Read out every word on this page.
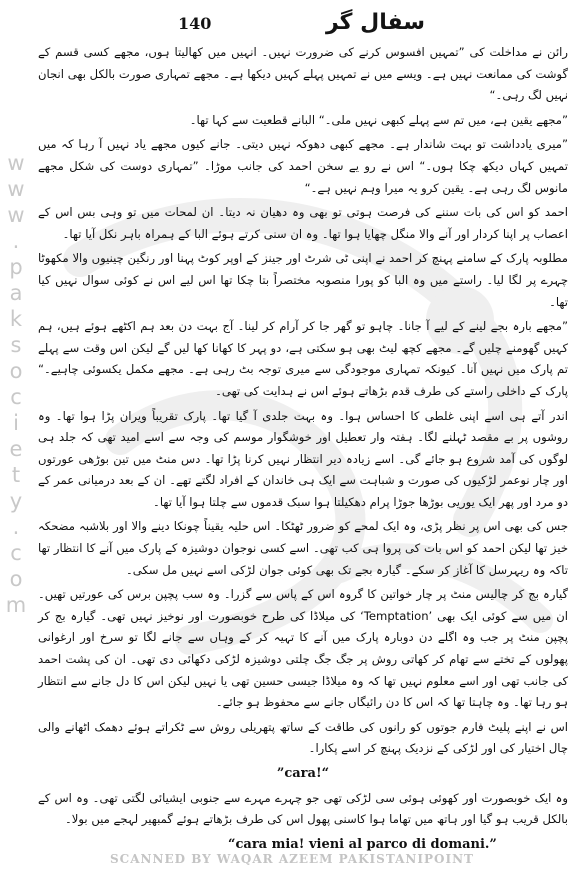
140	سفال گر
w
w
w
.
p
a
k
s
o
c
i
e
t
y
.
c
o
m

رائن نے مداخلت کی ”تمہیں افسوس کرنے کی ضرورت نہیں۔ انہیں میں کھالیتا ہوں، مجھے کسی قسم کے گوشت کی ممانعت نہیں ہے۔ ویسے میں نے تمہیں پہلے کہیں دیکھا ہے۔ مجھے تمہاری صورت بالکل بھی انجان نہیں لگ رہی۔“

”مجھے یقین ہے، میں تم سے پہلے کبھی نہیں ملی۔“ البانے قطعیت سے کہا تھا۔

”میری یادداشت تو بہت شاندار ہے۔ مجھے کبھی دھوکہ نہیں دیتی۔ جانے کیوں مجھے یاد نہیں آ رہا کہ میں تمہیں کہاں دیکھ چکا ہوں۔“ اس نے رو یے سخن احمد کی جانب موڑا۔ ”تمہاری دوست کی شکل مجھے مانوس لگ رہی ہے۔ یقین کرو یہ میرا وہم نہیں ہے۔“

احمد کو اس کی بات سننے کی فرصت ہوتی تو بھی وہ دھیان نہ دیتا۔ ان لمحات میں تو وہی بس اس کے اعصاب پر اپنا کردار اور آنے والا منگل چھایا ہوا تھا۔ وہ ان سنی کرتے ہوئے البا کے ہمراہ باہر نکل آیا تھا۔

مطلوبہ پارک کے سامنے پہنچ کر احمد نے اپنی ٹی شرٹ اور جینز کے اوپر کوٹ پہنا اور رنگین چینیوں والا مکھوٹا چہرے پر لگا لیا۔ راستے میں وہ البا کو پورا منصوبہ مختصراً بتا چکا تھا اس لیے اس نے کوئی سوال نہیں کیا تھا۔

”مجھے بارہ بجے لینے کے لیے آ جانا۔ چاہو تو گھر جا کر آرام کر لینا۔ آج بہت دن بعد ہم اکٹھے ہوئے ہیں، ہم کہیں گھومنے چلیں گے۔ مجھے کچھ لیٹ بھی ہو سکتی ہے، دو پہر کا کھانا کھا لیں گے لیکن اس وقت سے پہلے تم پارک میں نہیں آنا۔ کیونکہ تمہاری موجودگی سے میری توجہ بٹ رہی ہے۔ مجھے مکمل یکسوئی چاہیے۔“ پارک کے داخلی راستے کی طرف قدم بڑھاتے ہوئے اس نے ہدایت کی تھی۔

اندر آتے ہی اسے اپنی غلطی کا احساس ہوا۔ وہ بہت جلدی آ گیا تھا۔ پارک تقریباً ویران پڑا ہوا تھا۔ وہ روشوں پر بے مقصد ٹہلنے لگا۔ ہفتہ وار تعطیل اور خوشگوار موسم کی وجہ سے اسے امید تھی کہ جلد ہی لوگوں کی آمد شروع ہو جائے گی۔ اسے زیادہ دیر انتظار نہیں کرنا پڑا تھا۔ دس منٹ میں تین بوڑھی عورتوں اور چار نوعمر لڑکیوں کی صورت و شباہت سے ایک ہی خاندان کے افراد لگتے تھے۔ ان کے بعد درمیانی عمر کے دو مرد اور پھر ایک یوریی بوڑھا جوڑا پرام دھکیلتا ہوا سبک قدموں سے چلتا ہوا آیا تھا۔

جس کی بھی اس پر نظر پڑی، وہ ایک لمحے کو ضرور ٹھٹکا۔ اس حلیہ یقیناً چونکا دینے والا اور بلاشبہ مضحکہ خیز تھا لیکن احمد کو اس بات کی پروا ہی کب تھی۔ اسے کسی نوجوان دوشیزہ کے پارک میں آنے کا انتظار تھا تاکہ وہ ریہرسل کا آغاز کر سکے۔ گیارہ بجے تک بھی کوئی جوان لڑکی اسے نہیں مل سکی۔

گیارہ بج کر چالیس منٹ پر چار خواتین کا گروہ اس کے پاس سے گزرا۔ وہ سب پچپن برس کی عورتیں تھیں۔ ان میں سے کوئی ایک بھی ’Temptation‘ کی میلاڈا کی طرح خوبصورت اور نوخیز نہیں تھی۔ گیارہ بج کر پچپن منٹ پر جب وہ اگلے دن دوبارہ پارک میں آنے کا تہیہ کر کے وہاں سے جانے لگا تو سرخ اور ارغوانی پھولوں کے تختے سے تھام کر کھاتی روش پر جگ جگ چلتی دوشیزہ لڑکی دکھائی دی تھی۔ ان کی پشت احمد کی جانب تھی اور اسے معلوم نہیں تھا کہ وہ میلاڈا جیسی حسین تھی یا نہیں لیکن اس کا دل جانے سے انتظار ہو رہا تھا۔ وہ چاہتا تھا کہ اس کا دن رائیگاں جانے سے محفوظ ہو جائے۔

اس نے اپنے پلیٹ فارم جوتوں کو رانوں کی طاقت کے ساتھ پتھریلی روش سے ٹکراتے ہوئے دھمک اٹھانے والی چال اختیار کی اور لڑکی کے نزدیک پہنچ کر اسے پکارا۔

”cara!“

وہ ایک خوبصورت اور کھوئی ہوئی سی لڑکی تھی جو چہرے مہرے سے جنوبی ایشیائی لگتی تھی۔ وہ اس کے بالکل قریب ہو گیا اور ہاتھ میں تھاما ہوا کاسنی پھول اس کی طرف بڑھاتے ہوئے گمبھیر لہجے میں بولا۔

“cara mia! vieni al parco di domani.”

SCANNED BY WAQAR AZEEM PAKISTANIPOINT
